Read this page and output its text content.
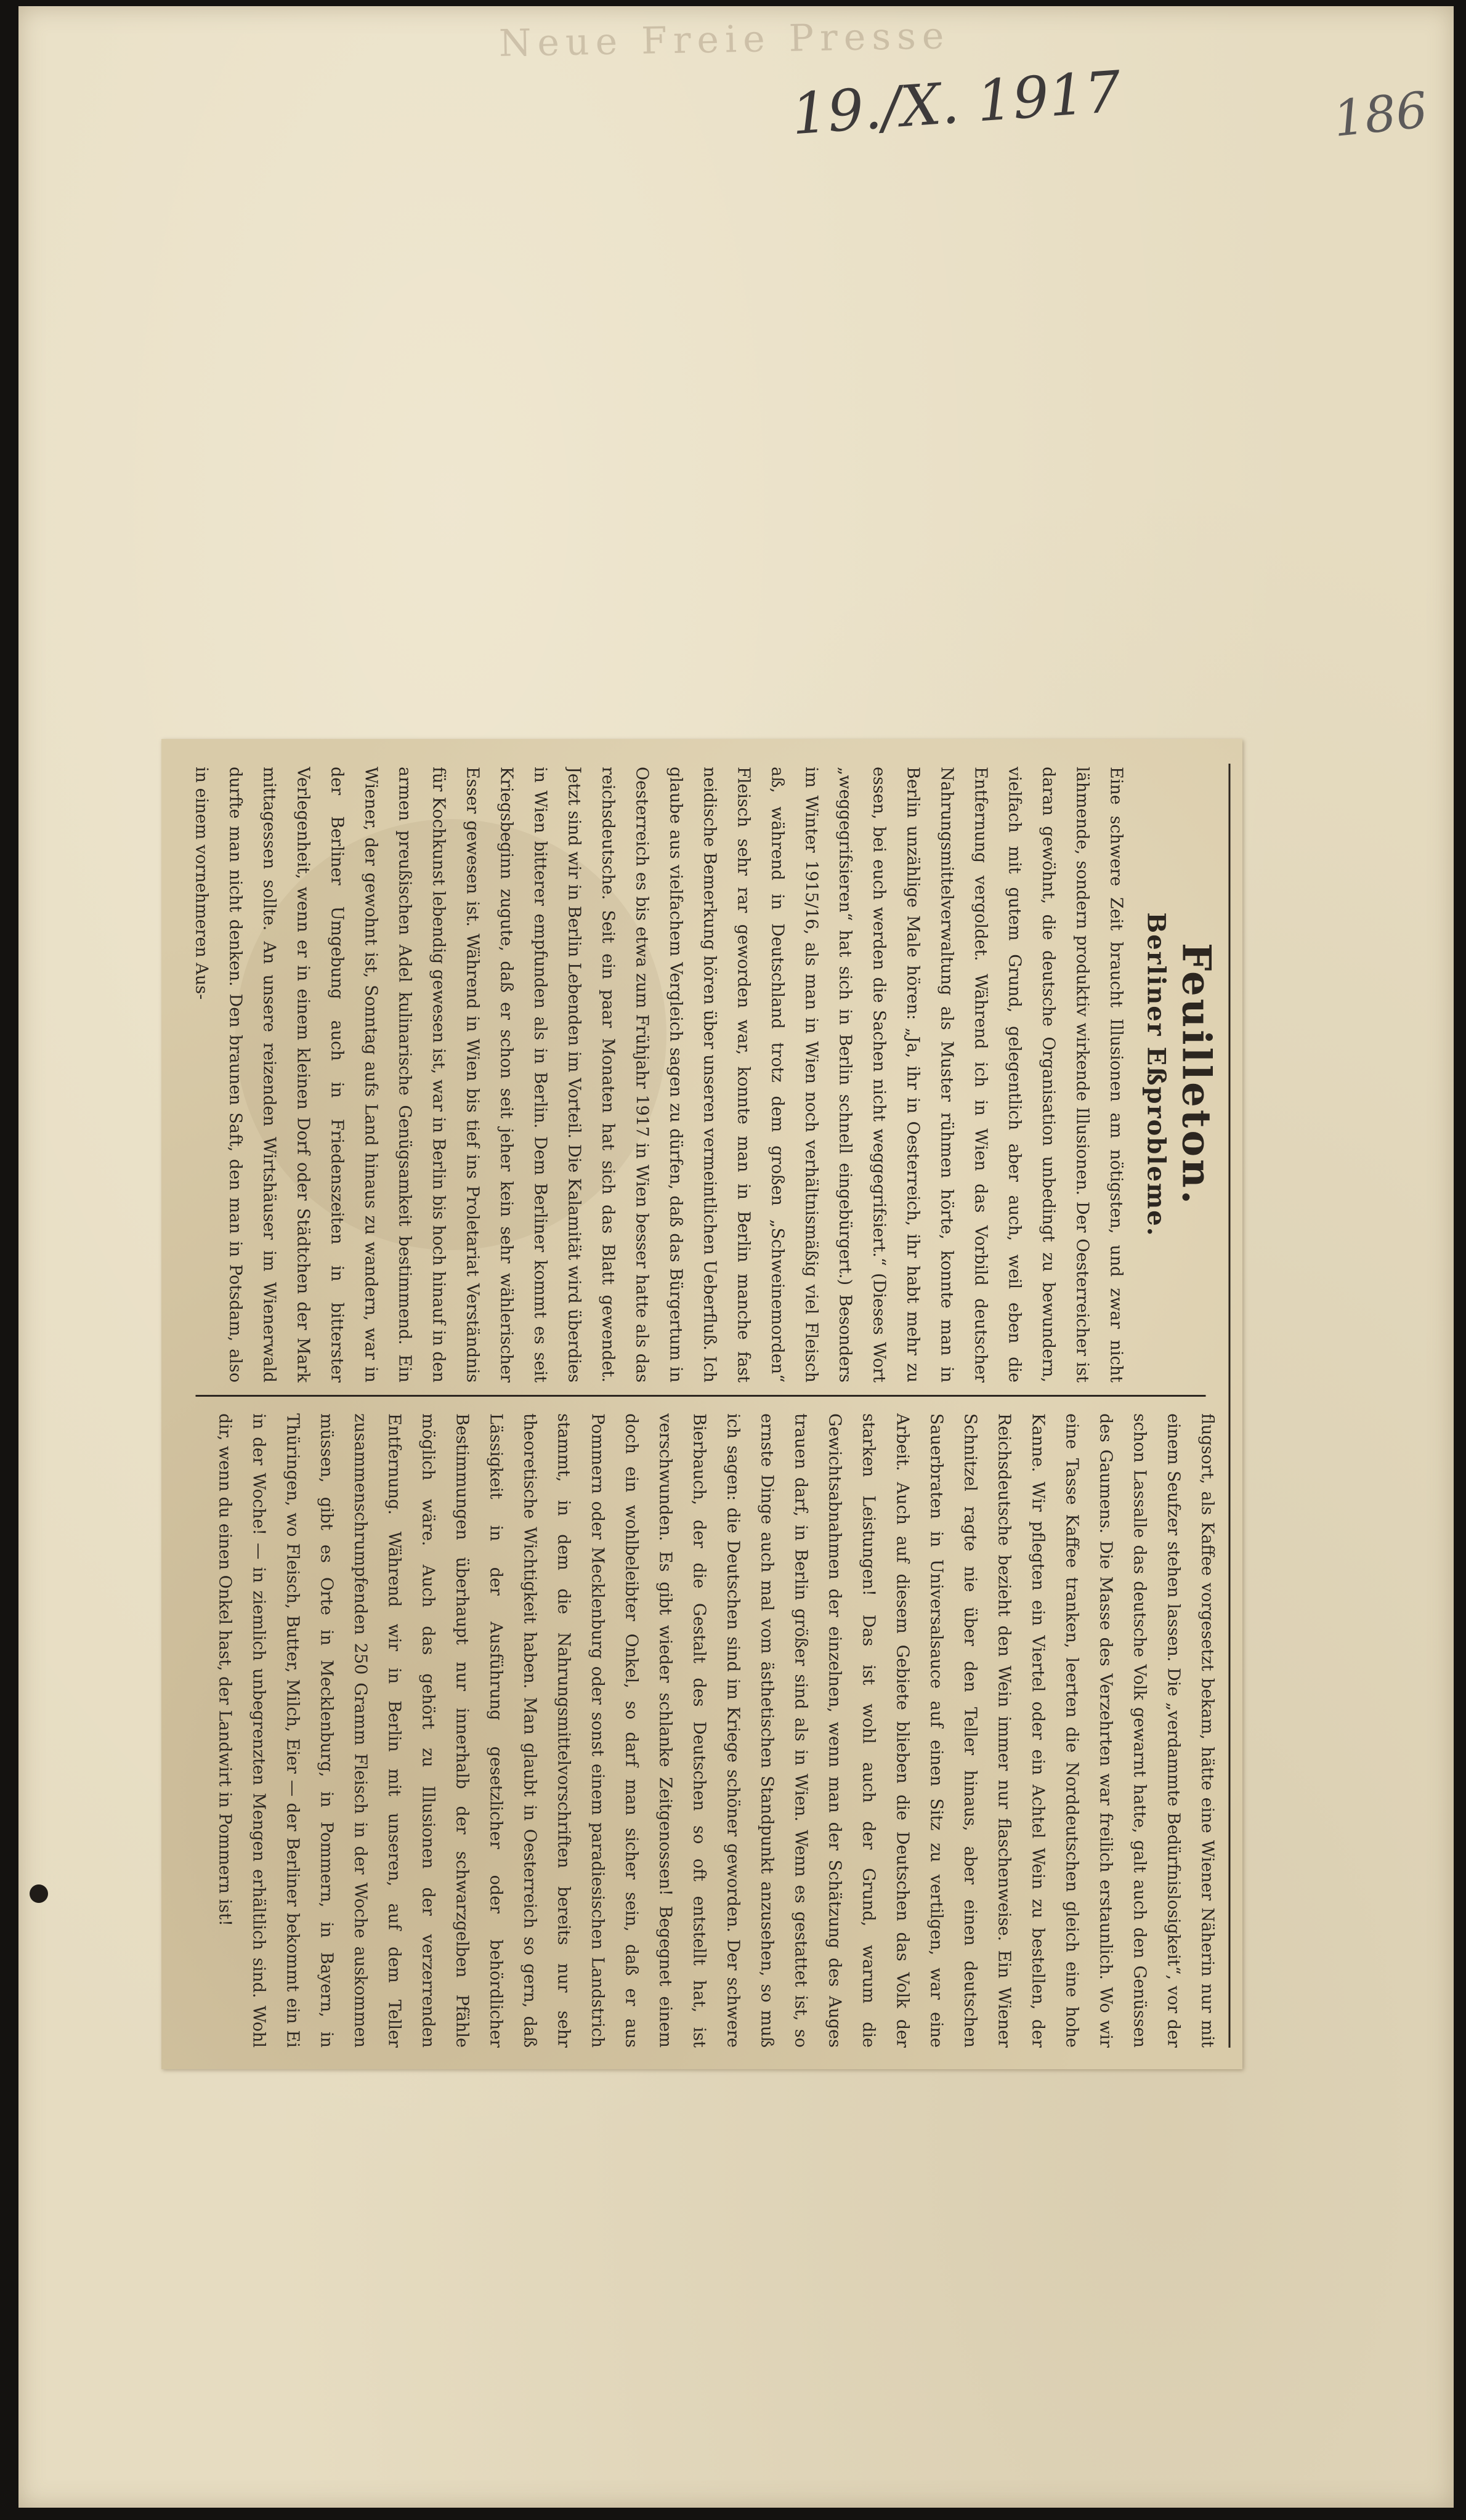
Neue Freie Presse
19./X. 1917	186
Feuilleton.
Berliner Eßprobleme.

Eine schwere Zeit braucht Illusionen am nötigsten, und zwar nicht lähmende, sondern produktiv wirkende Illusionen. Der Oesterreicher ist daran gewöhnt, die deutsche Organisation unbedingt zu bewundern, vielfach mit gutem Grund, gelegentlich aber auch, weil eben die Entfernung vergoldet. Während ich in Wien das Vorbild deutscher Nahrungsmittelverwaltung als Muster rühmen hörte, konnte man in Berlin unzählige Male hören: „Ja, ihr in Oesterreich, ihr habt mehr zu essen, bei euch werden die Sachen nicht weggegrifsiert.“ (Dieses Wort „weggegrifsieren“ hat sich in Berlin schnell eingebürgert.) Besonders im Winter 1915/16, als man in Wien noch verhältnismäßig viel Fleisch aß, während in Deutschland trotz dem großen „Schweinemorden“ Fleisch sehr rar geworden war, konnte man in Berlin manche fast neidische Bemerkung hören über unseren vermeintlichen Ueberfluß. Ich glaube aus vielfachem Vergleich sagen zu dürfen, daß das Bürgertum in Oesterreich es bis etwa zum Frühjahr 1917 in Wien besser hatte als das reichsdeutsche. Seit ein paar Monaten hat sich das Blatt gewendet. Jetzt sind wir in Berlin Lebenden im Vorteil. Die Kalamität wird überdies in Wien bitterer empfunden als in Berlin. Dem Berliner kommt es seit Kriegsbeginn zugute, daß er schon seit jeher kein sehr wählerischer Esser gewesen ist. Während in Wien bis tief ins Proletariat Verständnis für Kochkunst lebendig gewesen ist, war in Berlin bis hoch hinauf in den armen preußischen Adel kulinarische Genügsamkeit bestimmend. Ein Wiener, der gewohnt ist, Sonntag aufs Land hinaus zu wandern, war in der Berliner Umgebung auch in Friedenszeiten in bitterster Verlegenheit, wenn er in einem kleinen Dorf oder Städtchen der Mark mittagessen sollte. An unsere reizenden Wirtshäuser im Wienerwald durfte man nicht denken. Den braunen Saft, den man in Potsdam, also in einem vornehmeren Aus-

flugsort, als Kaffee vorgesetzt bekam, hätte eine Wiener Näherin nur mit einem Seufzer stehen lassen. Die „verdammte Bedürfnislosigkeit“, vor der schon Lassalle das deutsche Volk gewarnt hatte, galt auch den Genüssen des Gaumens. Die Masse des Verzehrten war freilich erstaunlich. Wo wir eine Tasse Kaffee tranken, leerten die Norddeutschen gleich eine hohe Kanne. Wir pflegten ein Viertel oder ein Achtel Wein zu bestellen, der Reichsdeutsche bezieht den Wein immer nur flaschenweise. Ein Wiener Schnitzel ragte nie über den Teller hinaus, aber einen deutschen Sauerbraten in Universalsauce auf einen Sitz zu vertilgen, war eine Arbeit. Auch auf diesem Gebiete blieben die Deutschen das Volk der starken Leistungen! Das ist wohl auch der Grund, warum die Gewichtsabnahmen der einzelnen, wenn man der Schätzung des Auges trauen darf, in Berlin größer sind als in Wien. Wenn es gestattet ist, so ernste Dinge auch mal vom ästhetischen Standpunkt anzusehen, so muß ich sagen: die Deutschen sind im Kriege schöner geworden. Der schwere Bierbauch, der die Gestalt des Deutschen so oft entstellt hat, ist verschwunden. Es gibt wieder schlanke Zeitgenossen! Begegnet einem doch ein wohlbeleibter Onkel, so darf man sicher sein, daß er aus Pommern oder Mecklenburg oder sonst einem paradiesischen Landstrich stammt, in dem die Nahrungsmittelvorschriften bereits nur sehr theoretische Wichtigkeit haben. Man glaubt in Oesterreich so gern, daß Lässigkeit in der Ausführung gesetzlicher oder behördlicher Bestimmungen überhaupt nur innerhalb der schwarzgelben Pfähle möglich wäre. Auch das gehört zu Illusionen der verzerrenden Entfernung. Während wir in Berlin mit unseren, auf dem Teller zusammenschrumpfenden 250 Gramm Fleisch in der Woche auskommen müssen, gibt es Orte in Mecklenburg, in Pommern, in Bayern, in Thüringen, wo Fleisch, Butter, Milch, Eier — der Berliner bekommt ein Ei in der Woche! — in ziemlich unbegrenzten Mengen erhältlich sind. Wohl dir, wenn du einen Onkel hast, der Landwirt in Pommern ist!
